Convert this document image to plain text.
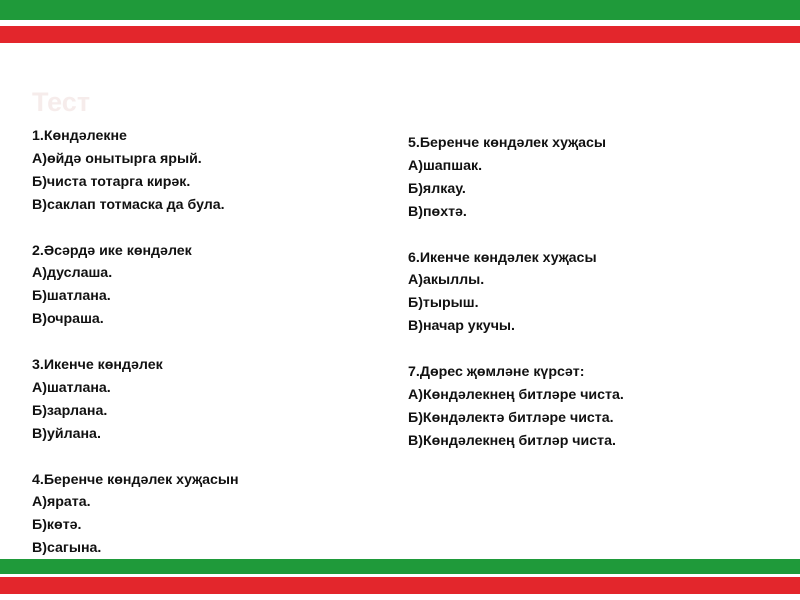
Тест
1.Көндәлекне
А)өйдә онытырга ярый.
Б)чиста тотарга кирәк.
В)саклап тотмаска да була.
2.Әсәрдә ике көндәлек
А)дуслаша.
Б)шатлана.
В)очраша.
3.Икенче көндәлек
А)шатлана.
Б)зарлана.
В)уйлана.
4.Беренче көндәлек хуҗасын
А)ярата.
Б)көтә.
В)сагына.
5.Беренче көндәлек хуҗасы
А)шапшак.
Б)ялкау.
В)пөхтә.
6.Икенче көндәлек хуҗасы
А)акыллы.
Б)тырыш.
В)начар укучы.
7.Дөрес җөмләне күрсәт:
А)Көндәлекнең битләре чиста.
Б)Көндәлектә битләре чиста.
В)Көндәлекнең битләр чиста.
